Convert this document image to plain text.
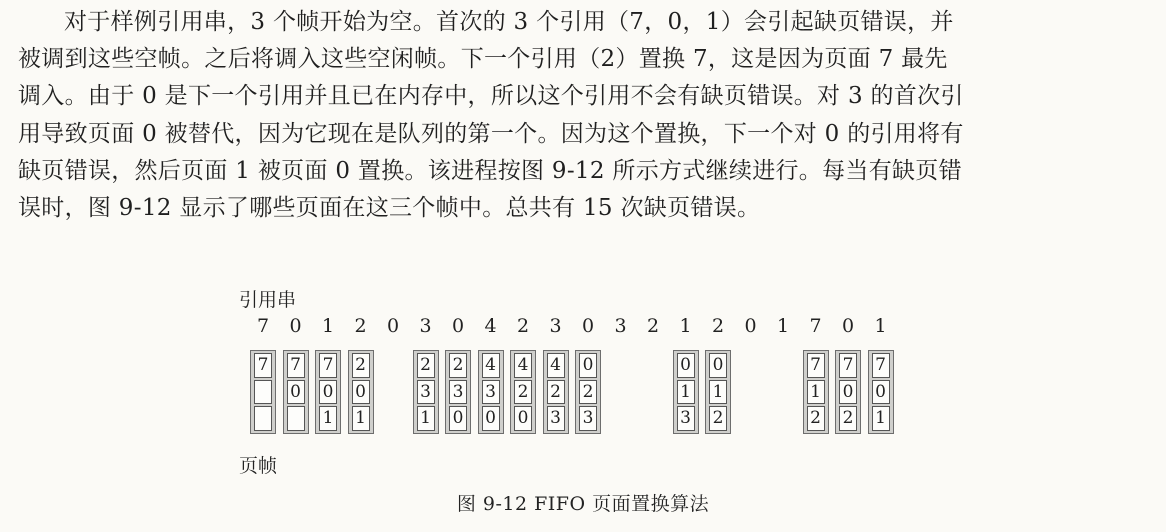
对于样例引用串，3 个帧开始为空。首次的 3 个引用（7，0，1）会引起缺页错误，并
被调到这些空帧。之后将调入这些空闲帧。下一个引用（2）置换 7，这是因为页面 7 最先
调入。由于 0 是下一个引用并且已在内存中，所以这个引用不会有缺页错误。对 3 的首次引
用导致页面 0 被替代，因为它现在是队列的第一个。因为这个置换，下一个对 0 的引用将有
缺页错误，然后页面 1 被页面 0 置换。该进程按图 9-12 所示方式继续进行。每当有缺页错
误时，图 9-12 显示了哪些页面在这三个帧中。总共有 15 次缺页错误。
引用串
7 0 1 2 0 3 0 4 2 3 0 3 2 1 2 0 1 7 0 1
7 7
0
7
0
1
2
0
1
2
3
1
2
3
0
4
3
0
4
2
0
4
2
3
0
2
3
0
1
3
0
1
2
7
1
2
7
0
2
7
0
1
页帧
图 9-12 FIFO 页面置换算法
